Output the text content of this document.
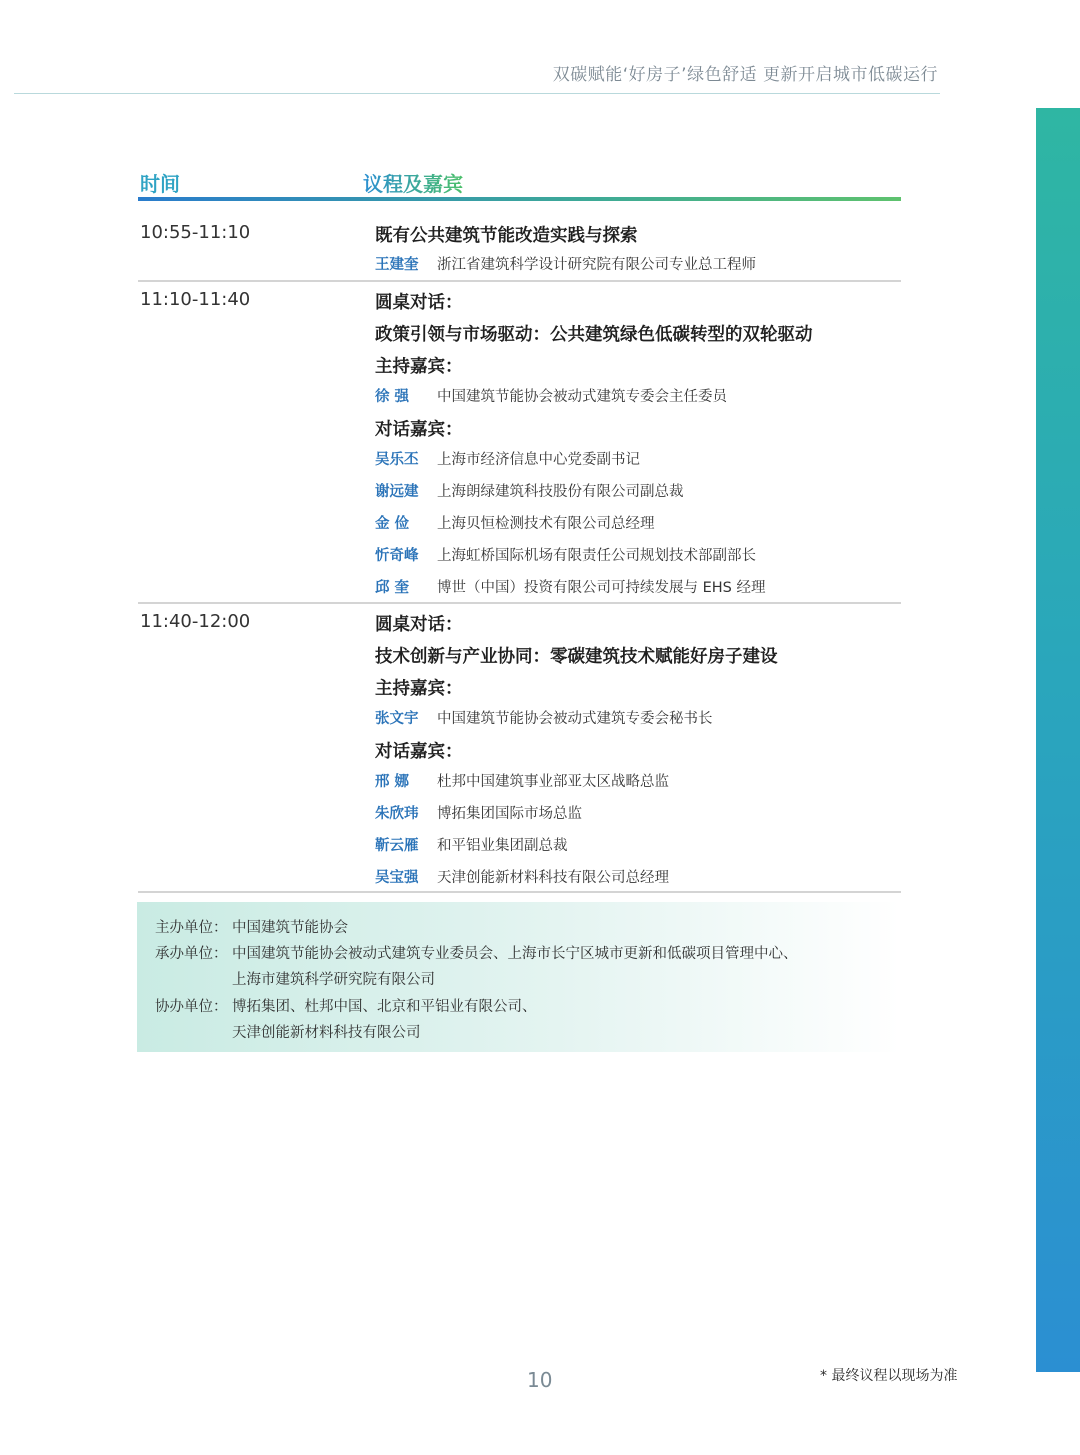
双碳赋能‘好房子’绿色舒适 更新开启城市低碳运行
时间	议程及嘉宾
10:55-11:10	既有公共建筑节能改造实践与探索
王建奎 浙江省建筑科学设计研究院有限公司专业总工程师
11:10-11:40	圆桌对话：
政策引领与市场驱动：公共建筑绿色低碳转型的双轮驱动
主持嘉宾：
徐 强 中国建筑节能协会被动式建筑专委会主任委员
对话嘉宾：
吴乐丕 上海市经济信息中心党委副书记
谢远建 上海朗绿建筑科技股份有限公司副总裁
金 俭 上海贝恒检测技术有限公司总经理
忻奇峰 上海虹桥国际机场有限责任公司规划技术部副部长
邱 奎 博世（中国）投资有限公司可持续发展与 EHS 经理
11:40-12:00	圆桌对话：
技术创新与产业协同：零碳建筑技术赋能好房子建设
主持嘉宾：
张文宇 中国建筑节能协会被动式建筑专委会秘书长
对话嘉宾：
邢 娜 杜邦中国建筑事业部亚太区战略总监
朱欣玮 博拓集团国际市场总监
靳云雁 和平铝业集团副总裁
吴宝强 天津创能新材料科技有限公司总经理
主办单位： 中国建筑节能协会
承办单位： 中国建筑节能协会被动式建筑专业委员会、上海市长宁区城市更新和低碳项目管理中心、
上海市建筑科学研究院有限公司
协办单位： 博拓集团、杜邦中国、北京和平铝业有限公司、
天津创能新材料科技有限公司
10	* 最终议程以现场为准
